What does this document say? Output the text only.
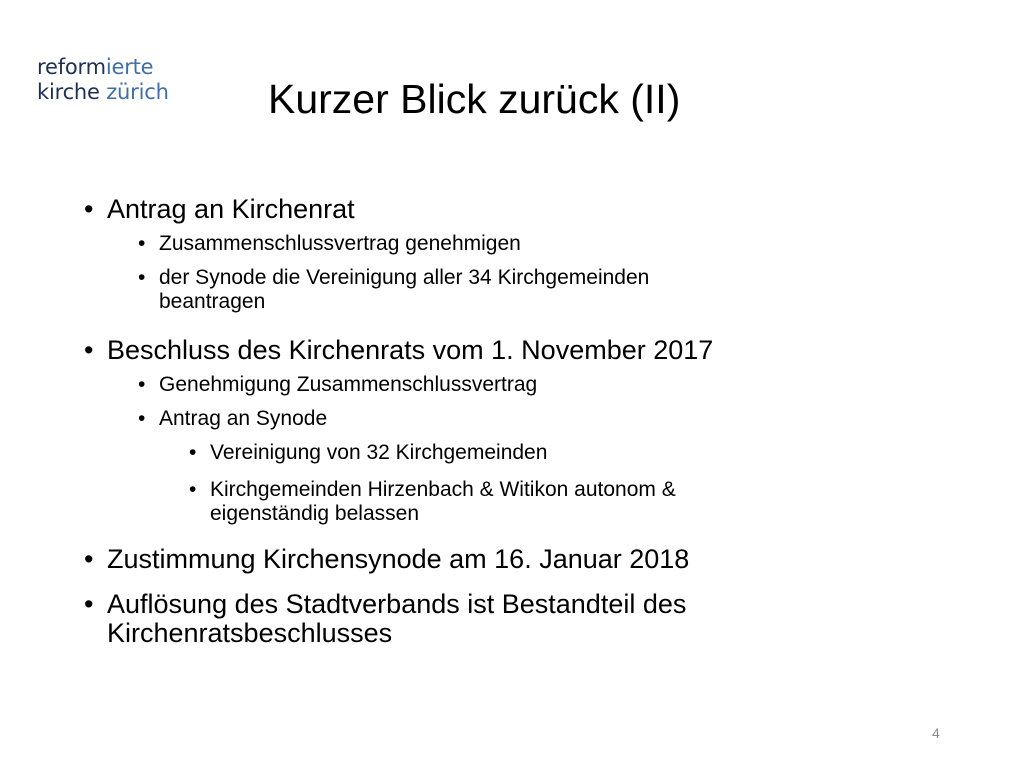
reformierte
kirche zürich Kurzer Blick zurück (II)
• Antrag an Kirchenrat
• Zusammenschlussvertrag genehmigen
• der Synode die Vereinigung aller 34 Kirchgemeinden
beantragen
• Beschluss des Kirchenrats vom 1. November 2017
• Genehmigung Zusammenschlussvertrag
• Antrag an Synode
• Vereinigung von 32 Kirchgemeinden
• Kirchgemeinden Hirzenbach & Witikon autonom &
eigenständig belassen
• Zustimmung Kirchensynode am 16. Januar 2018
• Auflösung des Stadtverbands ist Bestandteil des
Kirchenratsbeschlusses
4
